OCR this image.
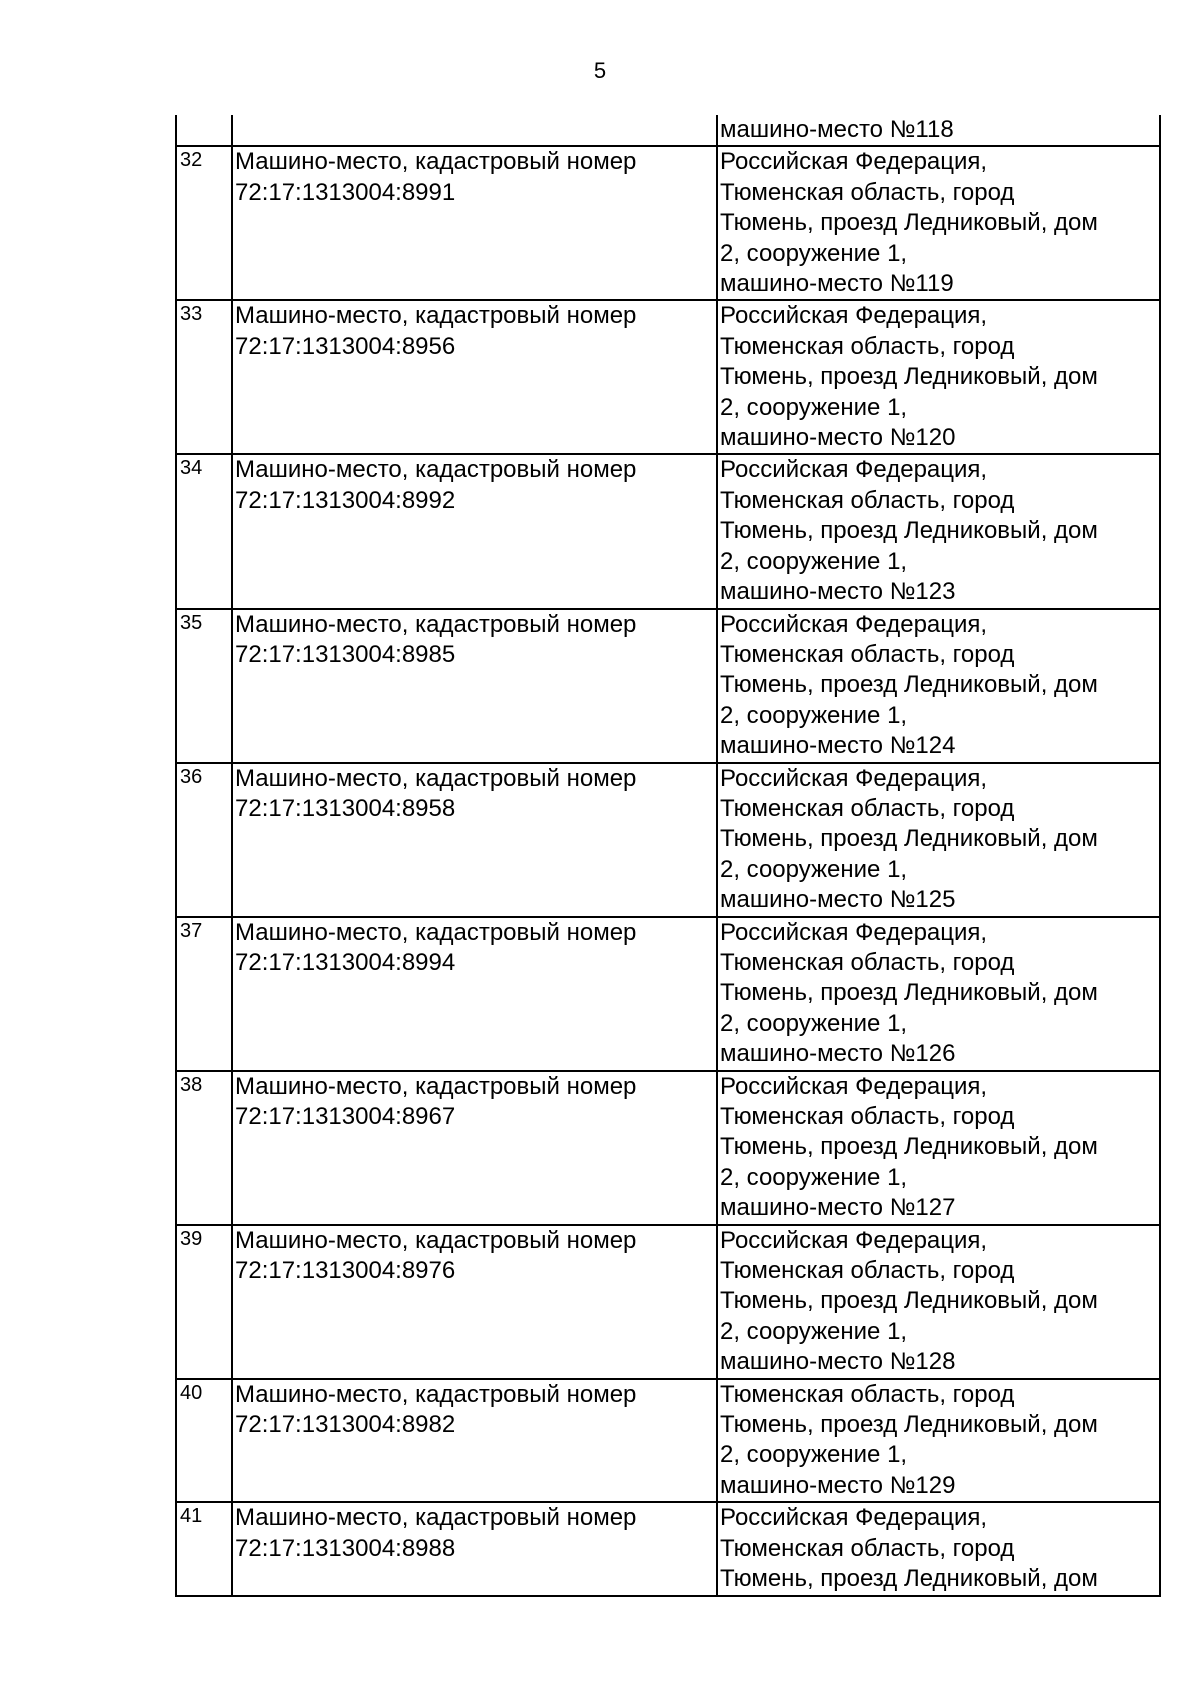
5

		машино-место №118

32	Машино-место, кадастровый номер
72:17:1313004:8991	Российская Федерация,
Тюменская область, город
Тюмень, проезд Ледниковый, дом
2, сооружение 1,
машино-место №119

33	Машино-место, кадастровый номер
72:17:1313004:8956	Российская Федерация,
Тюменская область, город
Тюмень, проезд Ледниковый, дом
2, сооружение 1,
машино-место №120

34	Машино-место, кадастровый номер
72:17:1313004:8992	Российская Федерация,
Тюменская область, город
Тюмень, проезд Ледниковый, дом
2, сооружение 1,
машино-место №123

35	Машино-место, кадастровый номер
72:17:1313004:8985	Российская Федерация,
Тюменская область, город
Тюмень, проезд Ледниковый, дом
2, сооружение 1,
машино-место №124

36	Машино-место, кадастровый номер
72:17:1313004:8958	Российская Федерация,
Тюменская область, город
Тюмень, проезд Ледниковый, дом
2, сооружение 1,
машино-место №125

37	Машино-место, кадастровый номер
72:17:1313004:8994	Российская Федерация,
Тюменская область, город
Тюмень, проезд Ледниковый, дом
2, сооружение 1,
машино-место №126

38	Машино-место, кадастровый номер
72:17:1313004:8967	Российская Федерация,
Тюменская область, город
Тюмень, проезд Ледниковый, дом
2, сооружение 1,
машино-место №127

39	Машино-место, кадастровый номер
72:17:1313004:8976	Российская Федерация,
Тюменская область, город
Тюмень, проезд Ледниковый, дом
2, сооружение 1,
машино-место №128

40	Машино-место, кадастровый номер
72:17:1313004:8982	Тюменская область, город
Тюмень, проезд Ледниковый, дом
2, сооружение 1,
машино-место №129

41	Машино-место, кадастровый номер
72:17:1313004:8988	Российская Федерация,
Тюменская область, город
Тюмень, проезд Ледниковый, дом
